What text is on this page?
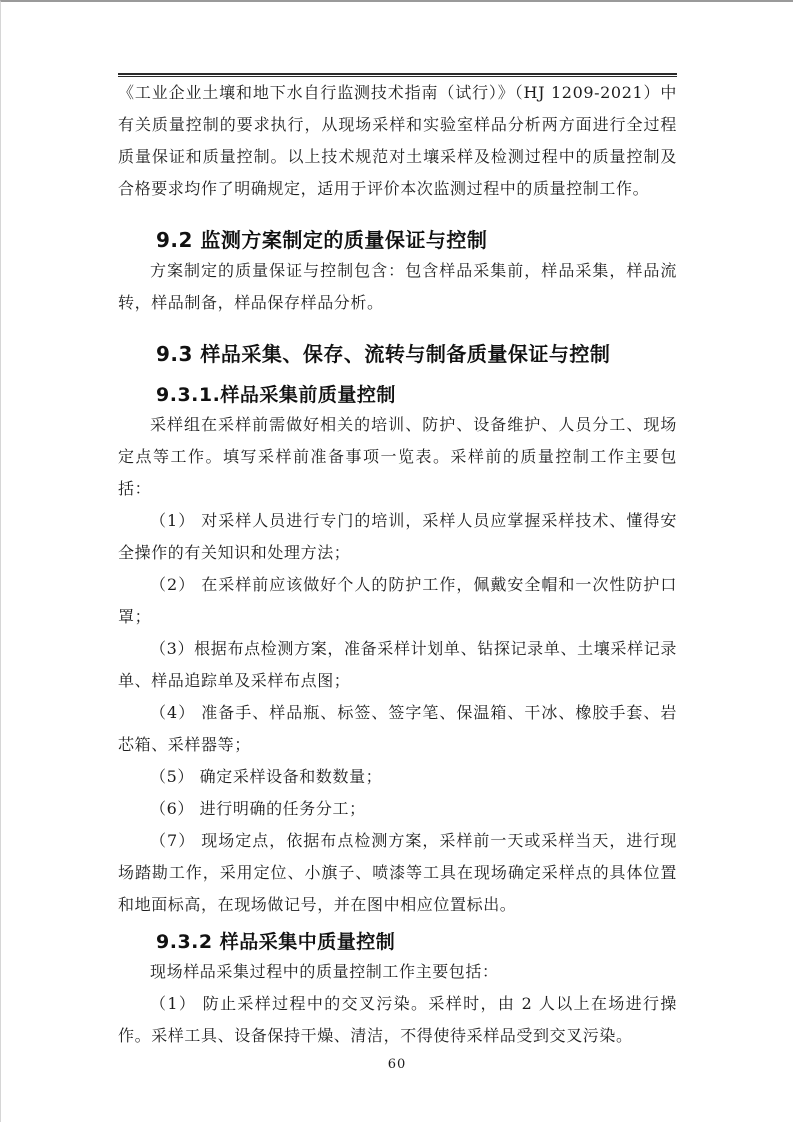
《工业企业土壤和地下水自行监测技术指南（试行）》（HJ 1209-2021）中有关质量控制的要求执行，从现场采样和实验室样品分析两方面进行全过程质量保证和质量控制。以上技术规范对土壤采样及检测过程中的质量控制及合格要求均作了明确规定，适用于评价本次监测过程中的质量控制工作。

9.2 监测方案制定的质量保证与控制

方案制定的质量保证与控制包含：包含样品采集前，样品采集，样品流转，样品制备，样品保存样品分析。

9.3 样品采集、保存、流转与制备质量保证与控制
9.3.1.样品采集前质量控制

采样组在采样前需做好相关的培训、防护、设备维护、人员分工、现场定点等工作。填写采样前准备事项一览表。采样前的质量控制工作主要包括：

（1） 对采样人员进行专门的培训，采样人员应掌握采样技术、懂得安全操作的有关知识和处理方法；

（2） 在采样前应该做好个人的防护工作，佩戴安全帽和一次性防护口罩；

（3）根据布点检测方案，准备采样计划单、钻探记录单、土壤采样记录单、样品追踪单及采样布点图；

（4） 准备手、样品瓶、标签、签字笔、保温箱、干冰、橡胶手套、岩芯箱、采样器等；

（5） 确定采样设备和数数量；

（6） 进行明确的任务分工；

（7） 现场定点，依据布点检测方案，采样前一天或采样当天，进行现场踏勘工作，采用定位、小旗子、喷漆等工具在现场确定采样点的具体位置和地面标高，在现场做记号，并在图中相应位置标出。

9.3.2 样品采集中质量控制

现场样品采集过程中的质量控制工作主要包括：

（1） 防止采样过程中的交叉污染。采样时，由 2 人以上在场进行操作。采样工具、设备保持干燥、清洁，不得使待采样品受到交叉污染。

60
